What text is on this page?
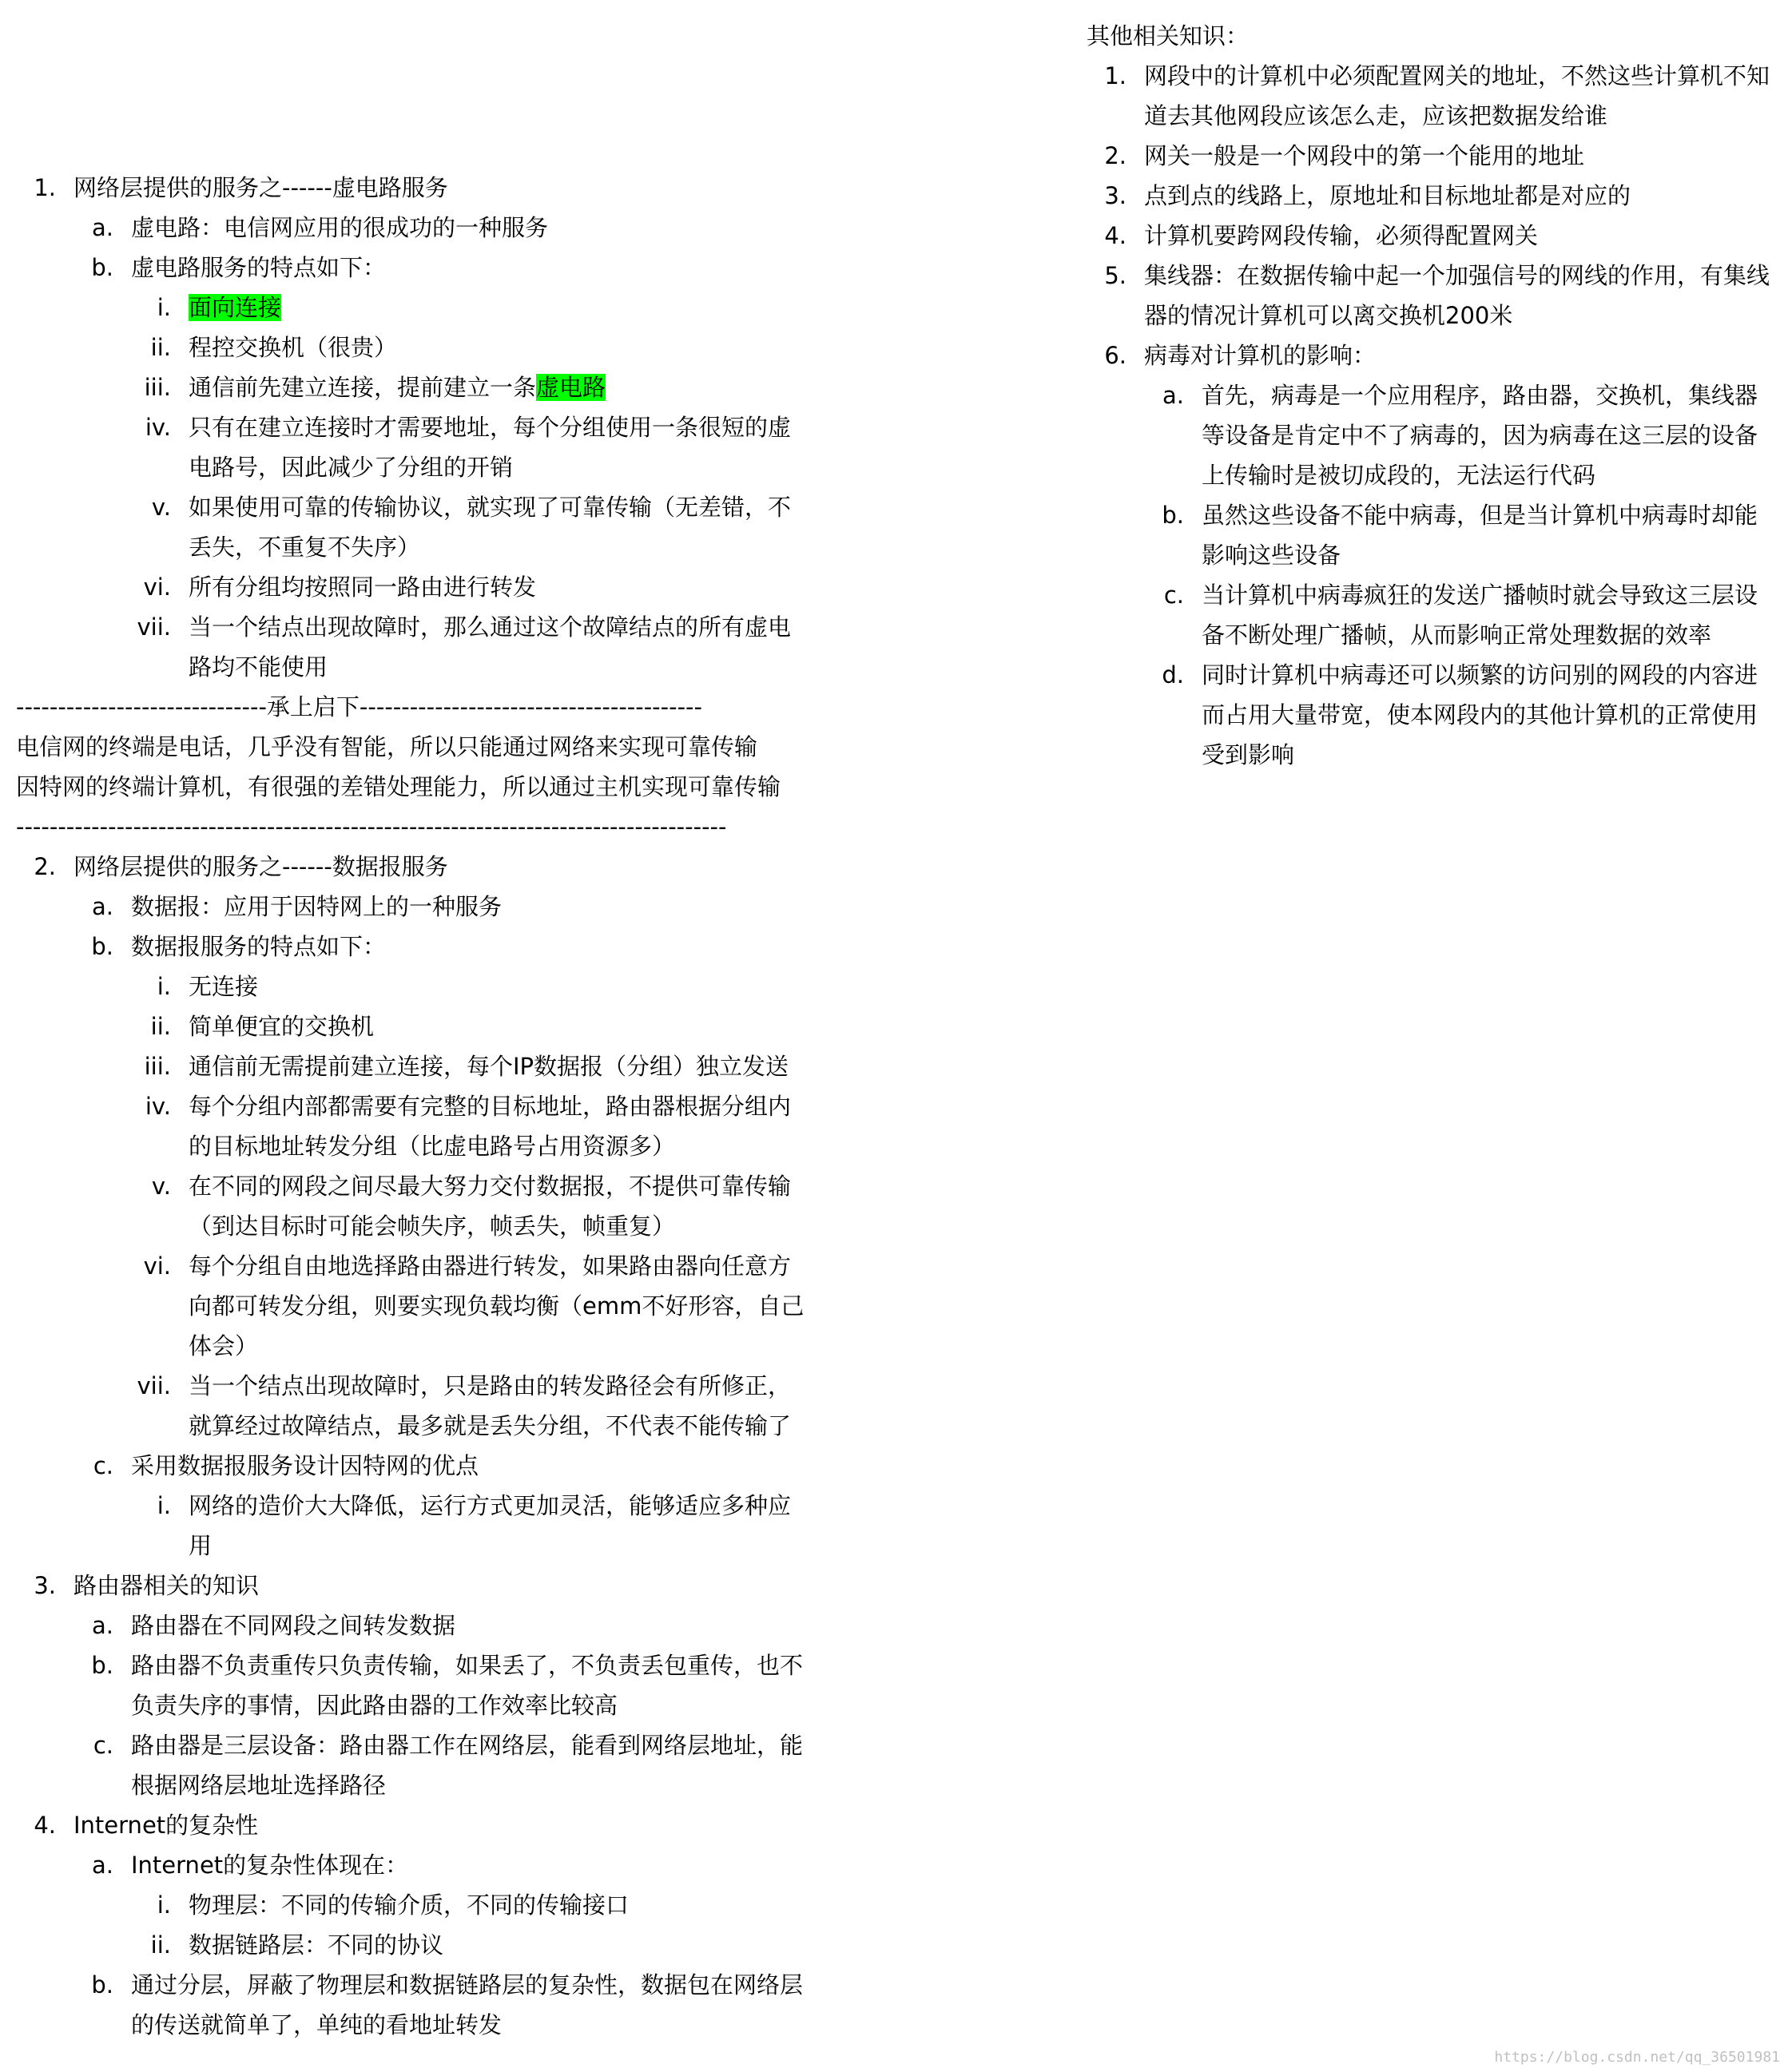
1. 网络层提供的服务之------虚电路服务
a. 虚电路：电信网应用的很成功的一种服务
b. 虚电路服务的特点如下：
i. 面向连接
ii. 程控交换机（很贵）
iii. 通信前先建立连接，提前建立一条虚电路
iv. 只有在建立连接时才需要地址，每个分组使用一条很短的虚电路号，因此减少了分组的开销
v. 如果使用可靠的传输协议，就实现了可靠传输（无差错，不丢失，不重复不失序）
vi. 所有分组均按照同一路由进行转发
vii. 当一个结点出现故障时，那么通过这个故障结点的所有虚电路均不能使用
------------------------------承上启下-----------------------------------------
电信网的终端是电话，几乎没有智能，所以只能通过网络来实现可靠传输
因特网的终端计算机，有很强的差错处理能力，所以通过主机实现可靠传输
-------------------------------------------------------------------------------------
2. 网络层提供的服务之------数据报服务
a. 数据报：应用于因特网上的一种服务
b. 数据报服务的特点如下：
i. 无连接
ii. 简单便宜的交换机
iii. 通信前无需提前建立连接，每个IP数据报（分组）独立发送
iv. 每个分组内部都需要有完整的目标地址，路由器根据分组内的目标地址转发分组（比虚电路号占用资源多）
v. 在不同的网段之间尽最大努力交付数据报，不提供可靠传输（到达目标时可能会帧失序，帧丢失，帧重复）
vi. 每个分组自由地选择路由器进行转发，如果路由器向任意方向都可转发分组，则要实现负载均衡（emm不好形容，自己体会）
vii. 当一个结点出现故障时，只是路由的转发路径会有所修正，就算经过故障结点，最多就是丢失分组，不代表不能传输了
c. 采用数据报服务设计因特网的优点
i. 网络的造价大大降低，运行方式更加灵活，能够适应多种应用
3. 路由器相关的知识
a. 路由器在不同网段之间转发数据
b. 路由器不负责重传只负责传输，如果丢了，不负责丢包重传，也不负责失序的事情，因此路由器的工作效率比较高
c. 路由器是三层设备：路由器工作在网络层，能看到网络层地址，能根据网络层地址选择路径
4. Internet的复杂性
a. Internet的复杂性体现在：
i. 物理层：不同的传输介质，不同的传输接口
ii. 数据链路层：不同的协议
b. 通过分层，屏蔽了物理层和数据链路层的复杂性，数据包在网络层的传送就简单了，单纯的看地址转发
其他相关知识：
1. 网段中的计算机中必须配置网关的地址，不然这些计算机不知道去其他网段应该怎么走，应该把数据发给谁
2. 网关一般是一个网段中的第一个能用的地址
3. 点到点的线路上，原地址和目标地址都是对应的
4. 计算机要跨网段传输，必须得配置网关
5. 集线器：在数据传输中起一个加强信号的网线的作用，有集线器的情况计算机可以离交换机200米
6. 病毒对计算机的影响：
a. 首先，病毒是一个应用程序，路由器，交换机，集线器等设备是肯定中不了病毒的，因为病毒在这三层的设备上传输时是被切成段的，无法运行代码
b. 虽然这些设备不能中病毒，但是当计算机中病毒时却能影响这些设备
c. 当计算机中病毒疯狂的发送广播帧时就会导致这三层设备不断处理广播帧，从而影响正常处理数据的效率
d. 同时计算机中病毒还可以频繁的访问别的网段的内容进而占用大量带宽，使本网段内的其他计算机的正常使用受到影响
https://blog.csdn.net/qq_36501981
